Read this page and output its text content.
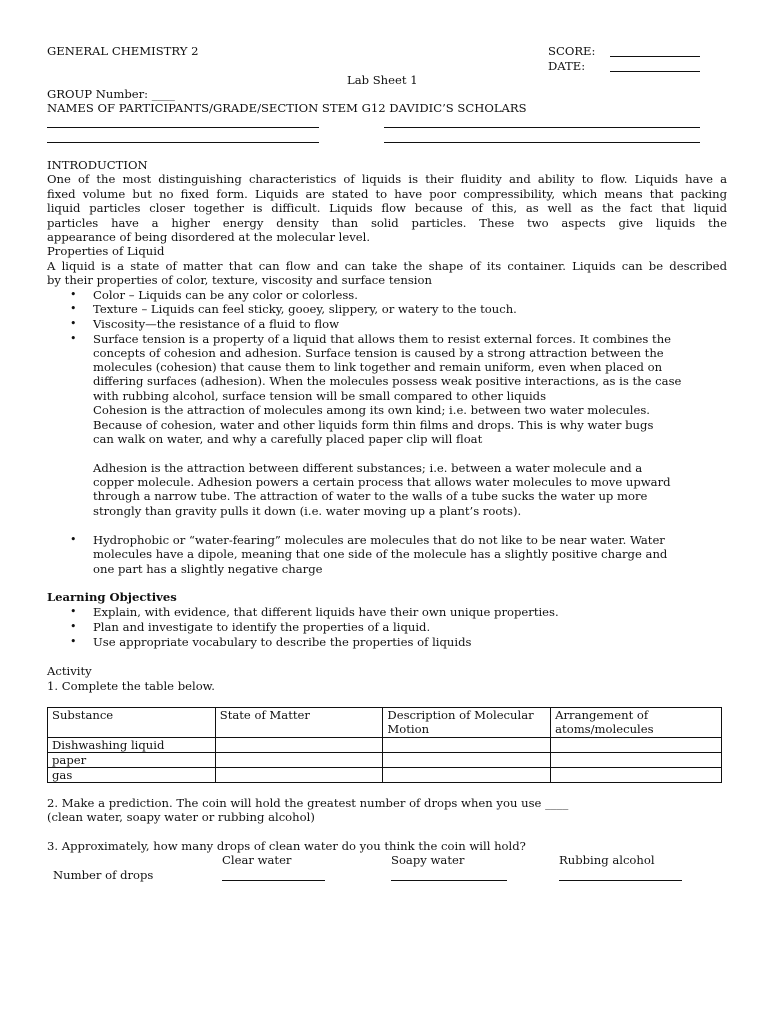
GENERAL CHEMISTRY 2	SCORE:
DATE:
Lab Sheet 1
GROUP Number: ____
NAMES OF PARTICIPANTS/GRADE/SECTION STEM G12 DAVIDIC’S SCHOLARS
INTRODUCTION
One of the most distinguishing characteristics of liquids is their fluidity and ability to flow. Liquids have a
fixed volume but no fixed form. Liquids are stated to have poor compressibility, which means that packing
liquid particles closer together is difficult. Liquids flow because of this, as well as the fact that liquid
particles have a higher energy density than solid particles. These two aspects give liquids the
appearance of being disordered at the molecular level.
Properties of Liquid
A liquid is a state of matter that can flow and can take the shape of its container. Liquids can be described
by their properties of color, texture, viscosity and surface tension
• Color – Liquids can be any color or colorless.
• Texture – Liquids can feel sticky, gooey, slippery, or watery to the touch.
• Viscosity—the resistance of a fluid to flow
• Surface tension is a property of a liquid that allows them to resist external forces. It combines the
concepts of cohesion and adhesion. Surface tension is caused by a strong attraction between the
molecules (cohesion) that cause them to link together and remain uniform, even when placed on
differing surfaces (adhesion). When the molecules possess weak positive interactions, as is the case
with rubbing alcohol, surface tension will be small compared to other liquids
Cohesion is the attraction of molecules among its own kind; i.e. between two water molecules.
Because of cohesion, water and other liquids form thin films and drops. This is why water bugs
can walk on water, and why a carefully placed paper clip will float
Adhesion is the attraction between different substances; i.e. between a water molecule and a
copper molecule. Adhesion powers a certain process that allows water molecules to move upward
through a narrow tube. The attraction of water to the walls of a tube sucks the water up more
strongly than gravity pulls it down (i.e. water moving up a plant’s roots).
• Hydrophobic or “water-fearing” molecules are molecules that do not like to be near water. Water
molecules have a dipole, meaning that one side of the molecule has a slightly positive charge and
one part has a slightly negative charge
Learning Objectives
• Explain, with evidence, that different liquids have their own unique properties.
• Plan and investigate to identify the properties of a liquid.
• Use appropriate vocabulary to describe the properties of liquids
Activity
1. Complete the table below.
Substance	State of Matter	Description of Molecular Motion	Arrangement of atoms/molecules
Dishwashing liquid			
paper			
gas			
2. Make a prediction. The coin will hold the greatest number of drops when you use ____
(clean water, soapy water or rubbing alcohol)
3. Approximately, how many drops of clean water do you think the coin will hold?
Clear water	Soapy water	Rubbing alcohol
Number of drops
